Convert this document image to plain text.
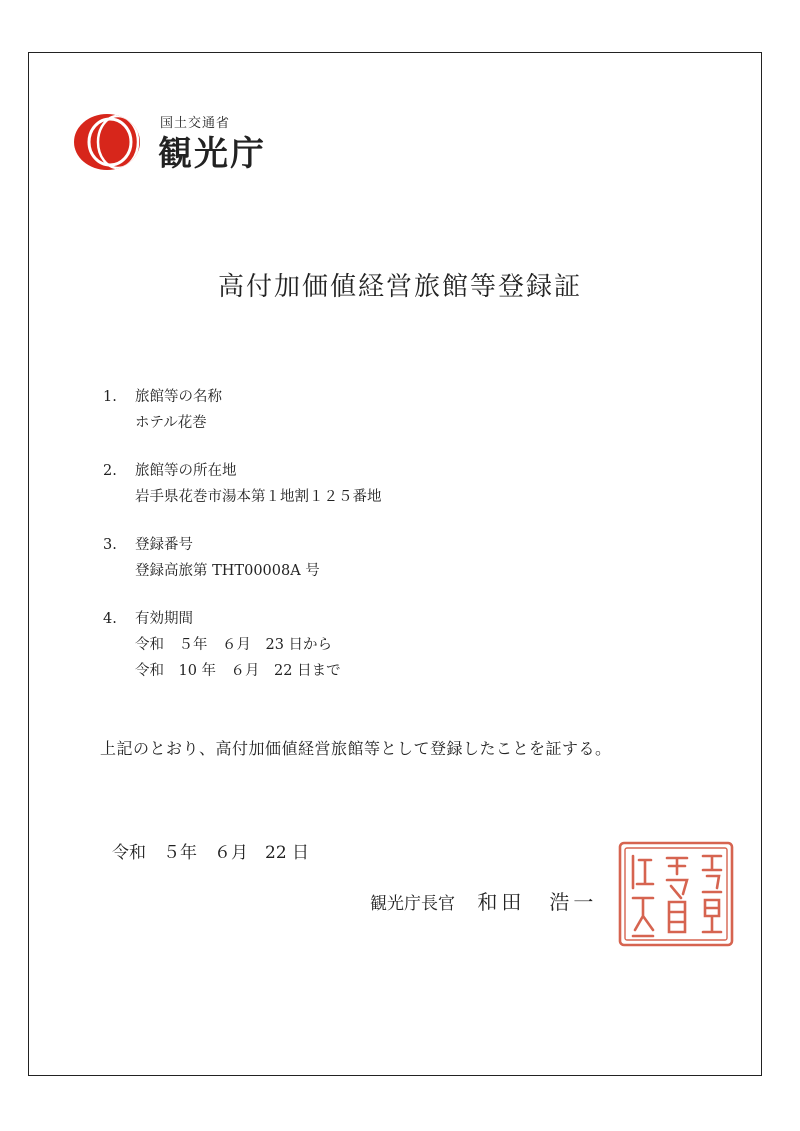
国土交通省
観光庁
高付加価値経営旅館等登録証
1.	旅館等の名称
ホテル花巻
2.	旅館等の所在地
岩手県花巻市湯本第１地割１２５番地
3.	登録番号
登録高旅第 THT00008A 号
4.	有効期間
令和　５年　６月　23 日から
令和　10 年　６月　22 日まで
上記のとおり、高付加価値経営旅館等として登録したことを証する。
令和　５年　６月　22 日
観光庁長官　 和田　浩一
